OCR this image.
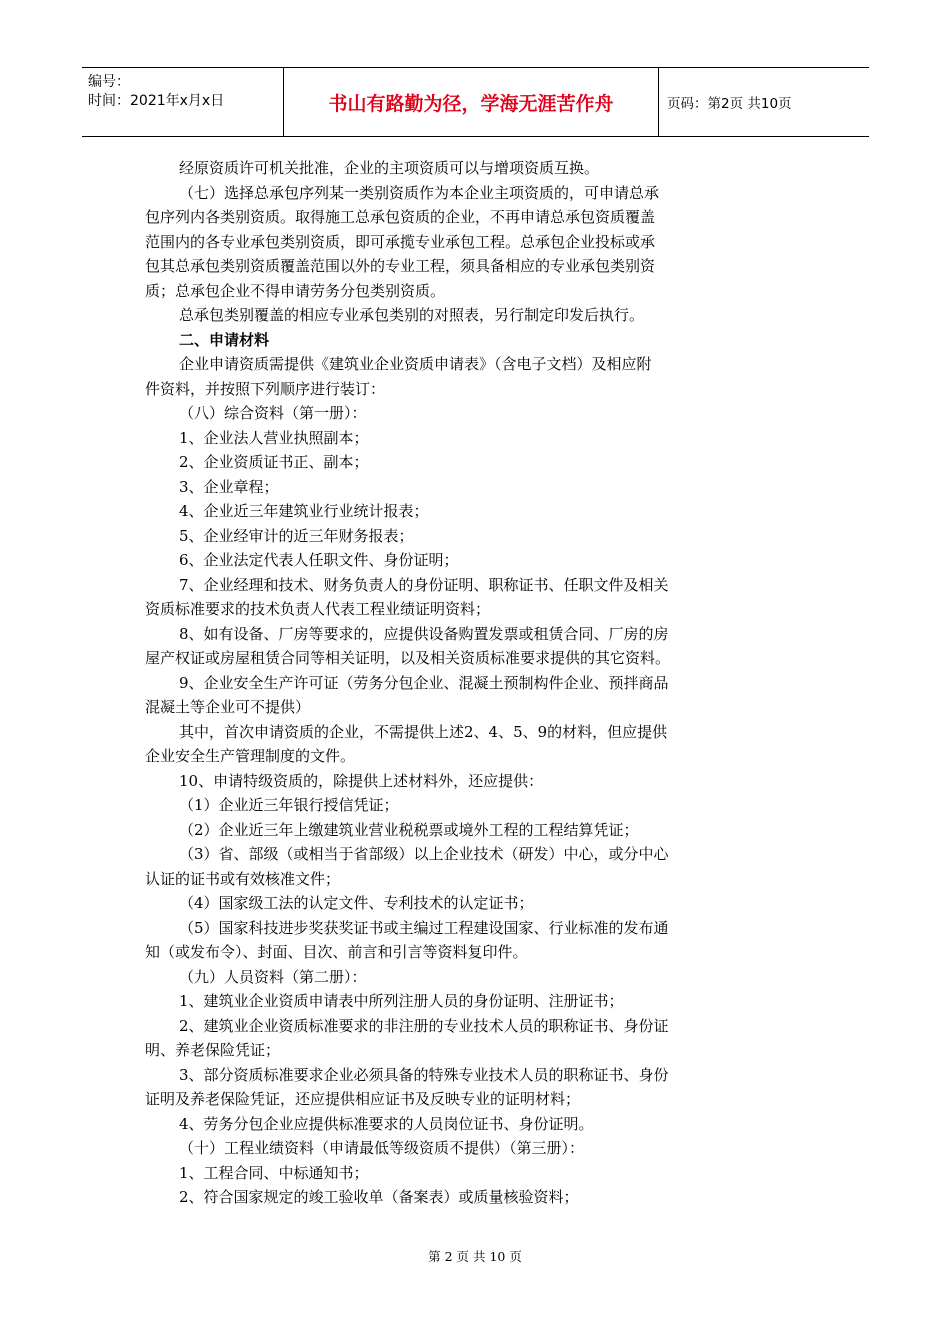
编号：
时间：2021年x月x日	书山有路勤为径，学海无涯苦作舟	页码：第2页 共10页
经原资质许可机关批准，企业的主项资质可以与增项资质互换。
（七）选择总承包序列某一类别资质作为本企业主项资质的，可申请总承
包序列内各类别资质。取得施工总承包资质的企业，不再申请总承包资质覆盖
范围内的各专业承包类别资质，即可承揽专业承包工程。总承包企业投标或承
包其总承包类别资质覆盖范围以外的专业工程，须具备相应的专业承包类别资
质；总承包企业不得申请劳务分包类别资质。
总承包类别覆盖的相应专业承包类别的对照表，另行制定印发后执行。
二、申请材料
企业申请资质需提供《建筑业企业资质申请表》（含电子文档）及相应附
件资料，并按照下列顺序进行装订：
（八）综合资料（第一册）：
1、企业法人营业执照副本；
2、企业资质证书正、副本；
3、企业章程；
4、企业近三年建筑业行业统计报表；
5、企业经审计的近三年财务报表；
6、企业法定代表人任职文件、身份证明；
7、企业经理和技术、财务负责人的身份证明、职称证书、任职文件及相关
资质标准要求的技术负责人代表工程业绩证明资料；
8、如有设备、厂房等要求的，应提供设备购置发票或租赁合同、厂房的房
屋产权证或房屋租赁合同等相关证明，以及相关资质标准要求提供的其它资料。
9、企业安全生产许可证（劳务分包企业、混凝土预制构件企业、预拌商品
混凝土等企业可不提供）
其中，首次申请资质的企业，不需提供上述2、4、5、9的材料，但应提供
企业安全生产管理制度的文件。
10、申请特级资质的，除提供上述材料外，还应提供：
（1）企业近三年银行授信凭证；
（2）企业近三年上缴建筑业营业税税票或境外工程的工程结算凭证；
（3）省、部级（或相当于省部级）以上企业技术（研发）中心，或分中心
认证的证书或有效核准文件；
（4）国家级工法的认定文件、专利技术的认定证书；
（5）国家科技进步奖获奖证书或主编过工程建设国家、行业标准的发布通
知（或发布令）、封面、目次、前言和引言等资料复印件。
（九）人员资料（第二册）：
1、建筑业企业资质申请表中所列注册人员的身份证明、注册证书；
2、建筑业企业资质标准要求的非注册的专业技术人员的职称证书、身份证
明、养老保险凭证；
3、部分资质标准要求企业必须具备的特殊专业技术人员的职称证书、身份
证明及养老保险凭证，还应提供相应证书及反映专业的证明材料；
4、劳务分包企业应提供标准要求的人员岗位证书、身份证明。
（十）工程业绩资料（申请最低等级资质不提供）（第三册）：
1、工程合同、中标通知书；
2、符合国家规定的竣工验收单（备案表）或质量核验资料；
第 2 页 共 10 页
